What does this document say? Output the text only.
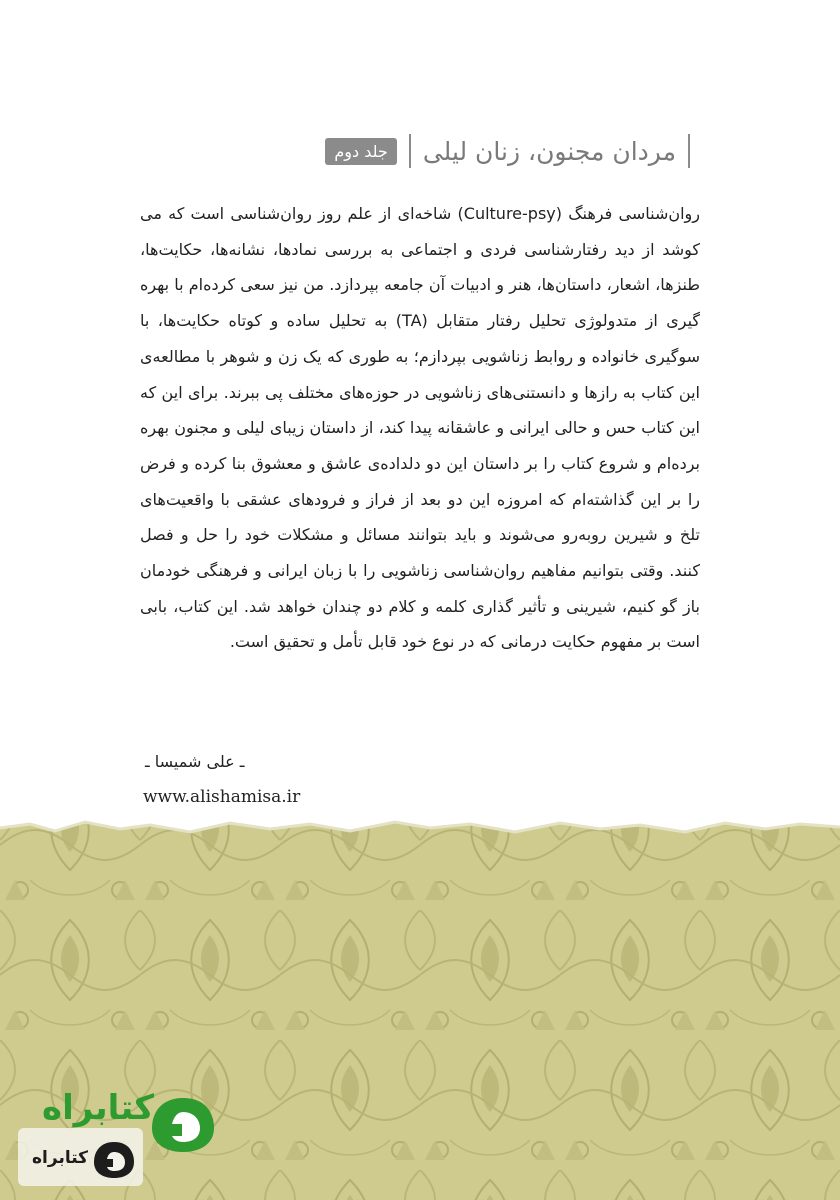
مردان مجنون، زنان لیلی
جلد دوم

روان‌شناسی فرهنگ (Culture-psy) شاخه‌ای از علم روز روان‌شناسی است که می کوشد از دید رفتارشناسی فردی و اجتماعی به بررسی نمادها، نشانه‌ها، حکایت‌ها، طنزها، اشعار، داستان‌ها، هنر و ادبیات آن جامعه بپردازد. من نیز سعی کرده‌ام با بهره گیری از متدولوژی تحلیل رفتار متقابل (TA) به تحلیل ساده و کوتاه حکایت‌ها، با سوگیری خانواده و روابط زناشویی بپردازم؛ به طوری که یک زن و شوهر با مطالعه‌ی این کتاب به رازها و دانستنی‌های زناشویی در حوزه‌های مختلف پی ببرند. برای این که این کتاب حس و حالی ایرانی و عاشقانه پیدا کند، از داستان زیبای لیلی و مجنون بهره برده‌ام و شروع کتاب را بر داستان این دو دلداده‌ی عاشق و معشوق بنا کرده و فرض را بر این گذاشته‌ام که امروزه این دو بعد از فراز و فرودهای عشقی با واقعیت‌های تلخ و شیرین روبه‌رو می‌شوند و باید بتوانند مسائل و مشکلات خود را حل و فصل کنند. وقتی بتوانیم مفاهیم روان‌شناسی زناشویی را با زبان ایرانی و فرهنگی خودمان باز گو کنیم، شیرینی و تأثیر گذاری کلمه و کلام دو چندان خواهد شد. این کتاب، بابی است بر مفهوم حکایت درمانی که در نوع خود قابل تأمل و تحقیق است.

ـ علی شمیسا ـ
www.alishamisa.ir
کتابراه
کتابراه
